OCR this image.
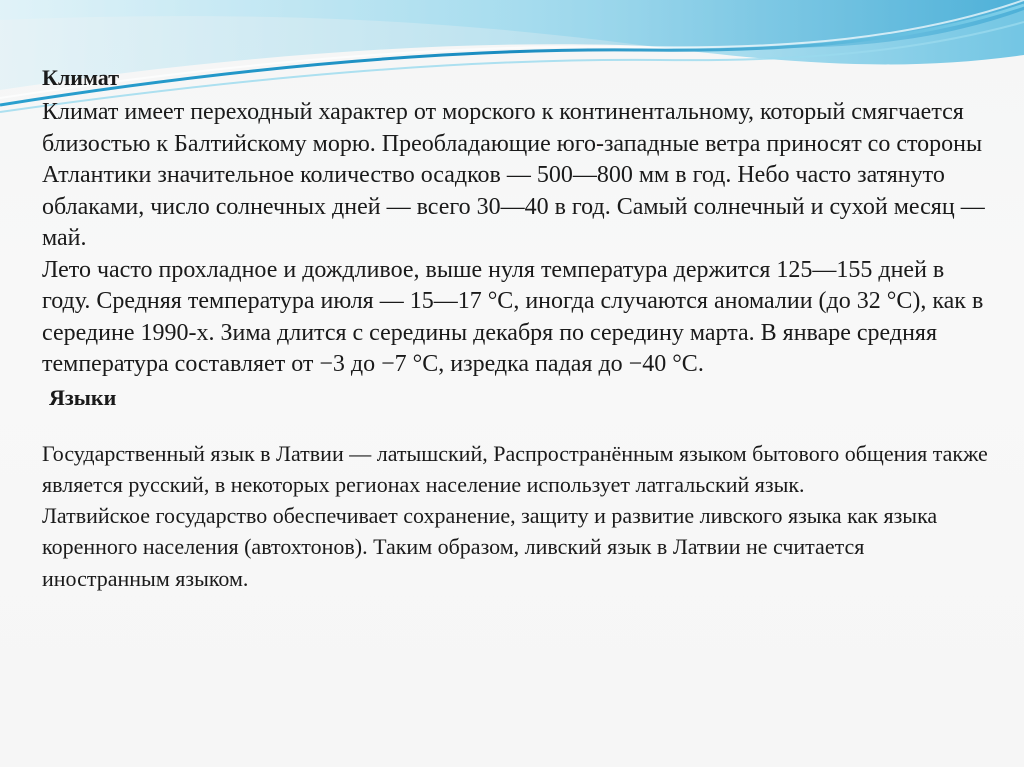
Климат

Климат имеет переходный характер от морского к континентальному, который смягчается близостью к Балтийскому морю. Преобладающие юго-западные ветра приносят со стороны Атлантики значительное количество осадков — 500—800 мм в год. Небо часто затянуто облаками, число солнечных дней — всего 30—40 в год. Самый солнечный и сухой месяц — май.

Лето часто прохладное и дождливое, выше нуля температура держится 125—155 дней в году. Средняя температура июля — 15—17 °С, иногда случаются аномалии (до 32 °С), как в середине 1990-х. Зима длится с середины декабря по середину марта. В январе средняя температура составляет от −3 до −7 °С, изредка падая до −40 °С.

Языки

Государственный язык в Латвии — латышский, Распространённым языком бытового общения также является русский, в некоторых регионах население использует латгальский язык.

Латвийское государство обеспечивает сохранение, защиту и развитие ливского языка как языка коренного населения (автохтонов). Таким образом, ливский язык в Латвии не считается иностранным языком.
